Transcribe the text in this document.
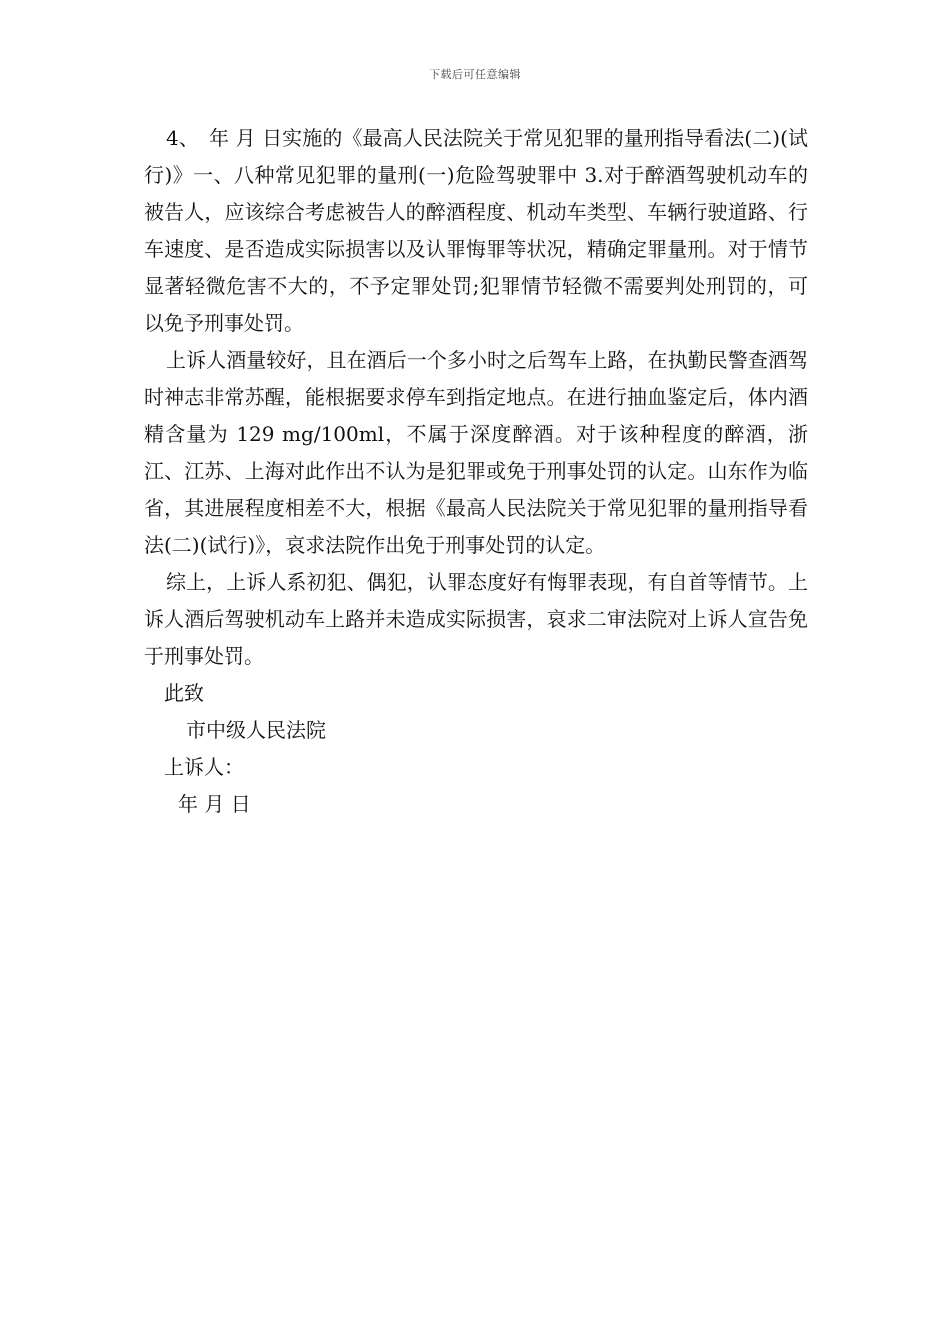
下载后可任意编辑

4、　年 月 日实施的《最高人民法院关于常见犯罪的量刑指导看法(二)(试行)》一、八种常见犯罪的量刑(一)危险驾驶罪中 3.对于醉酒驾驶机动车的被告人，应该综合考虑被告人的醉酒程度、机动车类型、车辆行驶道路、行车速度、是否造成实际损害以及认罪悔罪等状况，精确定罪量刑。对于情节显著轻微危害不大的，不予定罪处罚;犯罪情节轻微不需要判处刑罚的，可以免予刑事处罚。

上诉人酒量较好，且在酒后一个多小时之后驾车上路，在执勤民警查酒驾时神志非常苏醒，能根据要求停车到指定地点。在进行抽血鉴定后，体内酒精含量为 129 mg/100ml，不属于深度醉酒。对于该种程度的醉酒，浙江、江苏、上海对此作出不认为是犯罪或免于刑事处罚的认定。山东作为临省，其进展程度相差不大，根据《最高人民法院关于常见犯罪的量刑指导看法(二)(试行)》，哀求法院作出免于刑事处罚的认定。

综上，上诉人系初犯、偶犯，认罪态度好有悔罪表现，有自首等情节。上诉人酒后驾驶机动车上路并未造成实际损害，哀求二审法院对上诉人宣告免于刑事处罚。

此致

市中级人民法院

上诉人：

年 月 日
